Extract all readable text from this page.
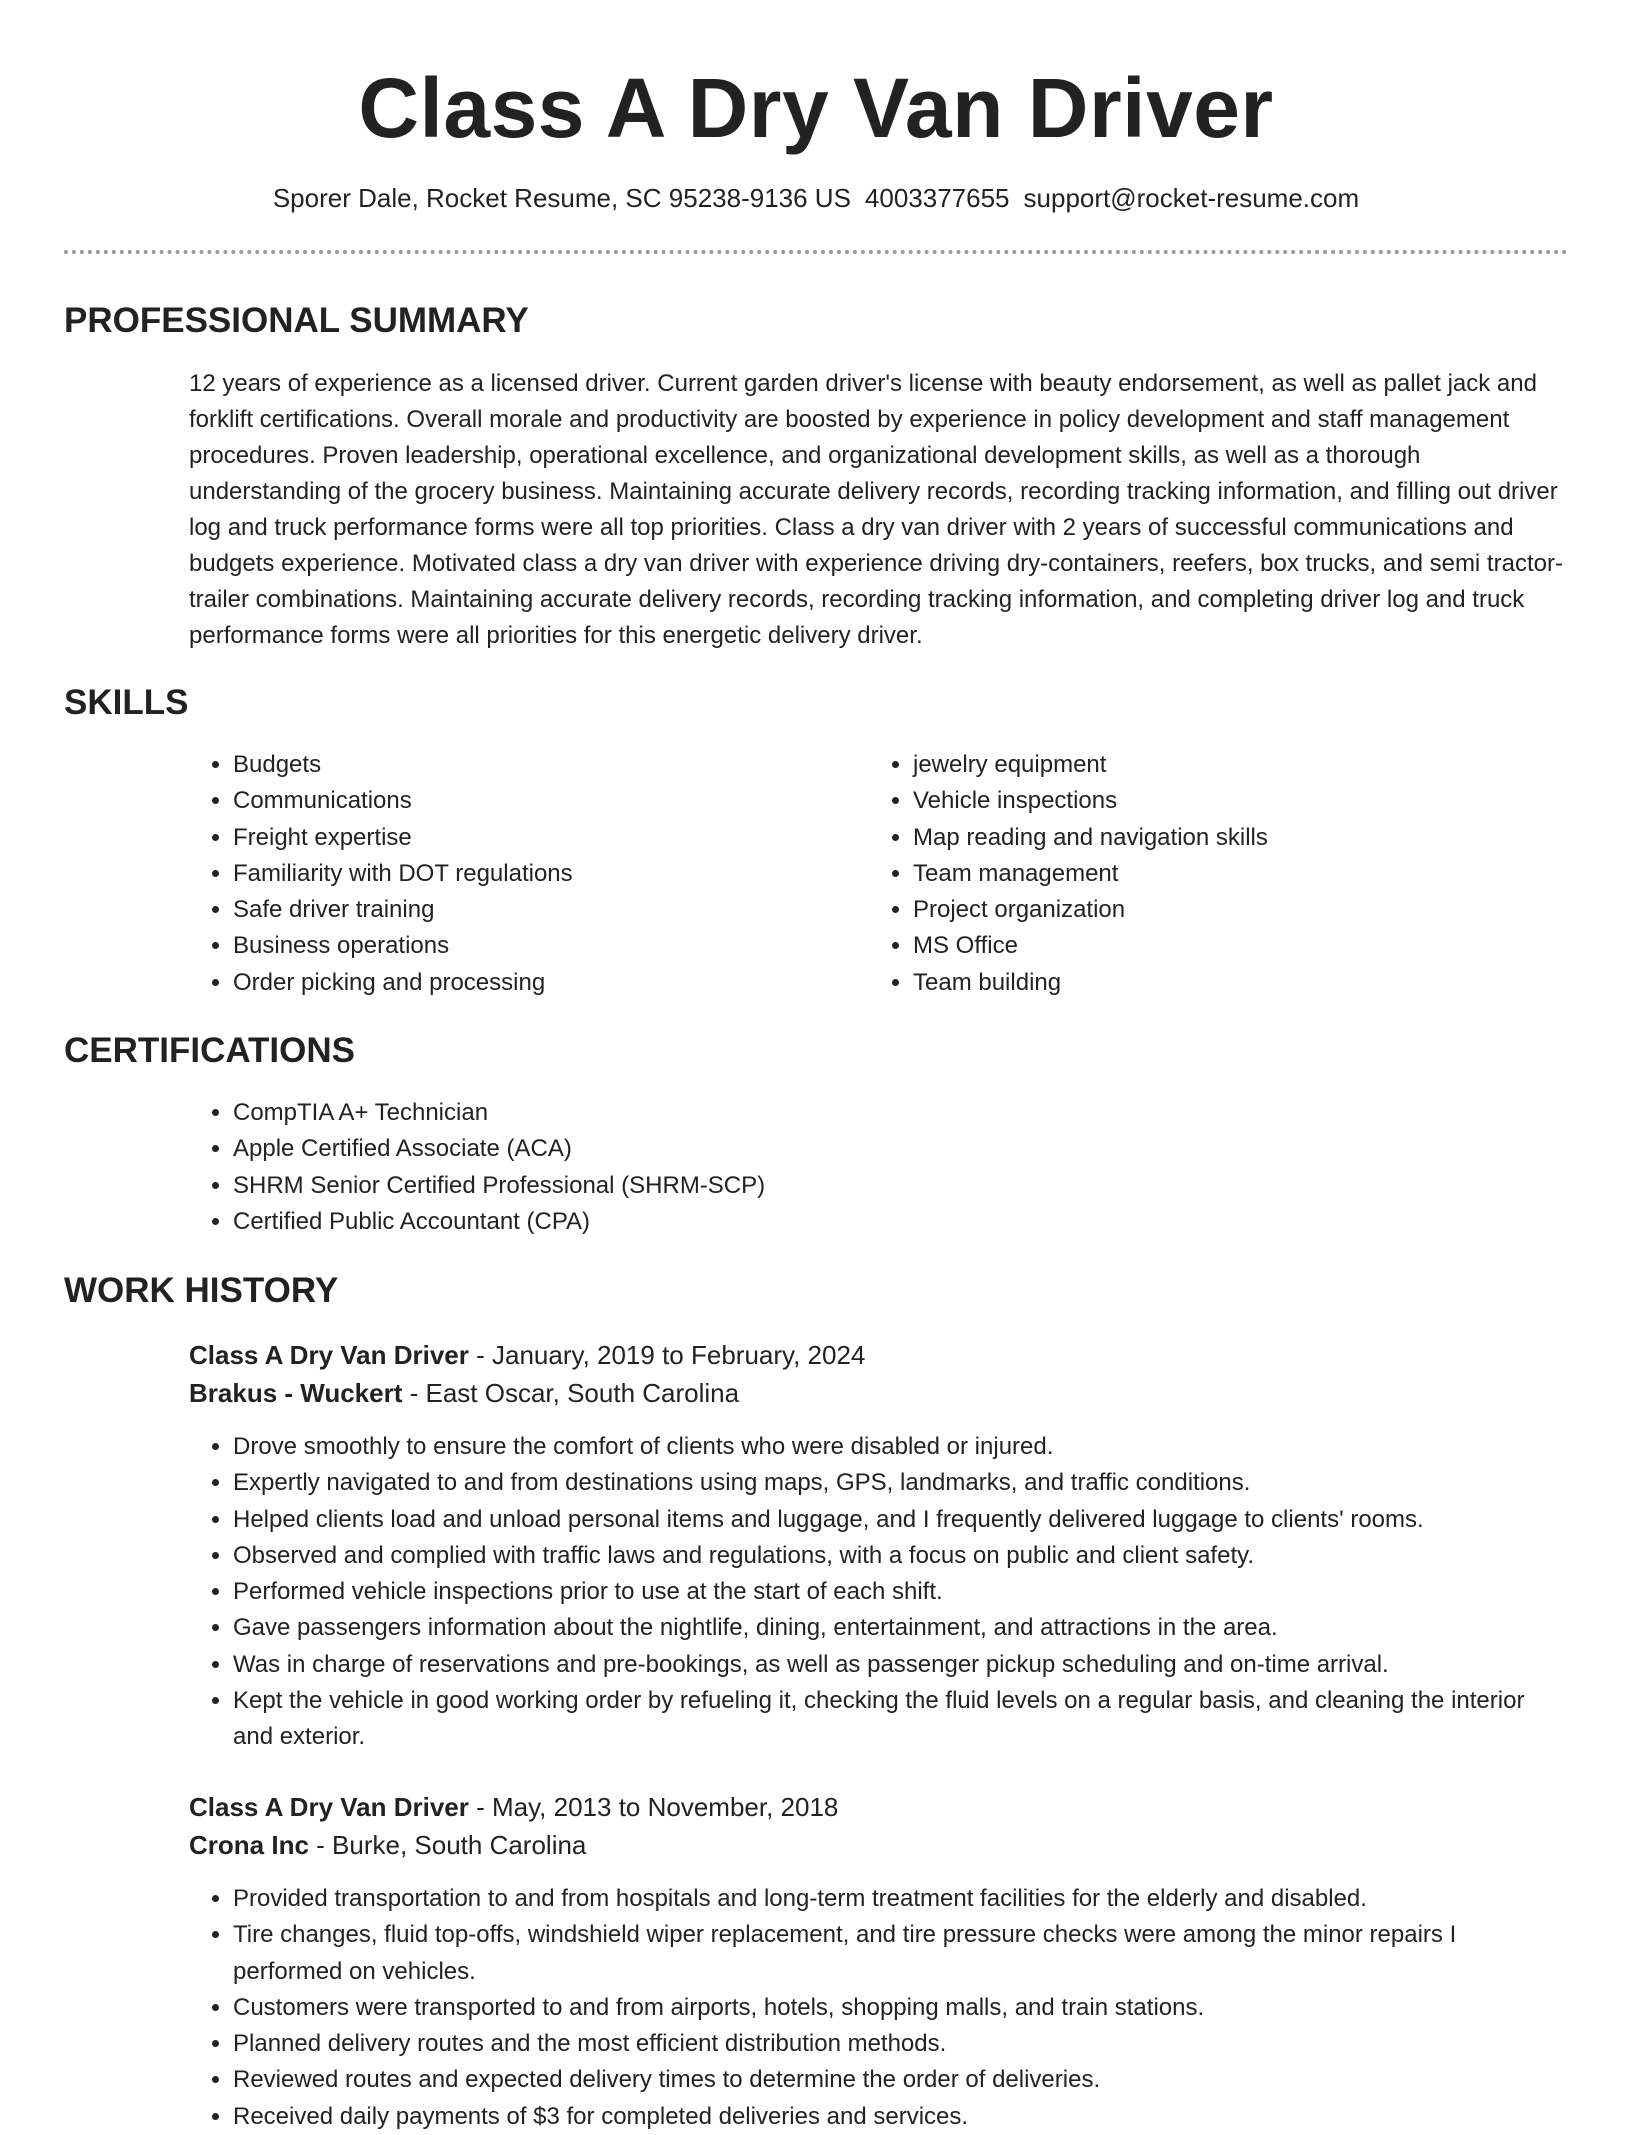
Class A Dry Van Driver
Sporer Dale, Rocket Resume, SC 95238-9136 US 4003377655 support@rocket-resume.com
PROFESSIONAL SUMMARY
12 years of experience as a licensed driver. Current garden driver's license with beauty endorsement, as well as pallet jack and forklift certifications. Overall morale and productivity are boosted by experience in policy development and staff management procedures. Proven leadership, operational excellence, and organizational development skills, as well as a thorough understanding of the grocery business. Maintaining accurate delivery records, recording tracking information, and filling out driver log and truck performance forms were all top priorities. Class a dry van driver with 2 years of successful communications and budgets experience. Motivated class a dry van driver with experience driving dry-containers, reefers, box trucks, and semi tractor-trailer combinations. Maintaining accurate delivery records, recording tracking information, and completing driver log and truck performance forms were all priorities for this energetic delivery driver.
SKILLS
• Budgets
• Communications
• Freight expertise
• Familiarity with DOT regulations
• Safe driver training
• Business operations
• Order picking and processing
• jewelry equipment
• Vehicle inspections
• Map reading and navigation skills
• Team management
• Project organization
• MS Office
• Team building
CERTIFICATIONS
• CompTIA A+ Technician
• Apple Certified Associate (ACA)
• SHRM Senior Certified Professional (SHRM-SCP)
• Certified Public Accountant (CPA)
WORK HISTORY
Class A Dry Van Driver - January, 2019 to February, 2024
Brakus - Wuckert - East Oscar, South Carolina
• Drove smoothly to ensure the comfort of clients who were disabled or injured.
• Expertly navigated to and from destinations using maps, GPS, landmarks, and traffic conditions.
• Helped clients load and unload personal items and luggage, and I frequently delivered luggage to clients' rooms.
• Observed and complied with traffic laws and regulations, with a focus on public and client safety.
• Performed vehicle inspections prior to use at the start of each shift.
• Gave passengers information about the nightlife, dining, entertainment, and attractions in the area.
• Was in charge of reservations and pre-bookings, as well as passenger pickup scheduling and on-time arrival.
• Kept the vehicle in good working order by refueling it, checking the fluid levels on a regular basis, and cleaning the interior and exterior.
Class A Dry Van Driver - May, 2013 to November, 2018
Crona Inc - Burke, South Carolina
• Provided transportation to and from hospitals and long-term treatment facilities for the elderly and disabled.
• Tire changes, fluid top-offs, windshield wiper replacement, and tire pressure checks were among the minor repairs I performed on vehicles.
• Customers were transported to and from airports, hotels, shopping malls, and train stations.
• Planned delivery routes and the most efficient distribution methods.
• Reviewed routes and expected delivery times to determine the order of deliveries.
• Received daily payments of $3 for completed deliveries and services.
